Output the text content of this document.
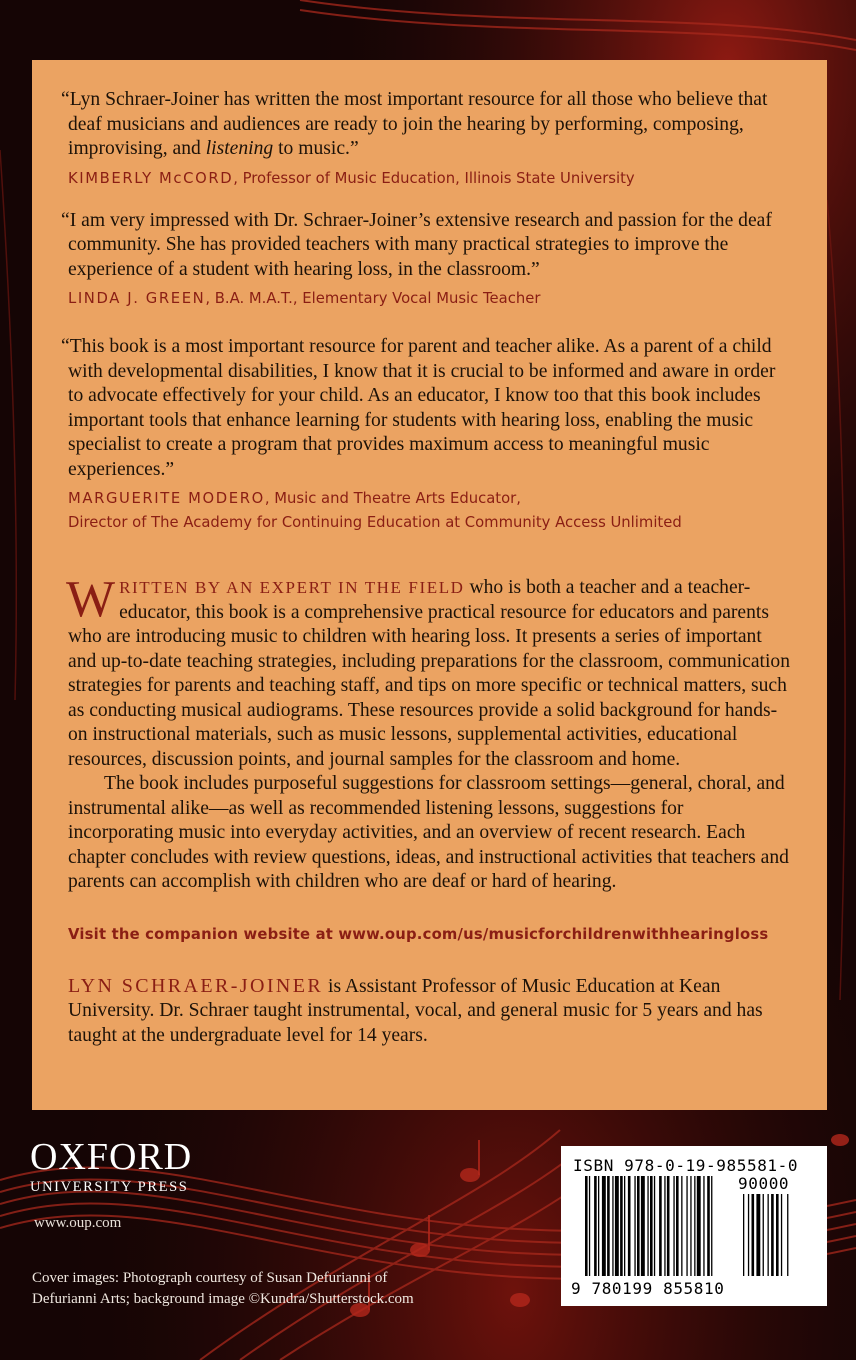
“Lyn Schraer-Joiner has written the most important resource for all those who believe that deaf musicians and audiences are ready to join the hearing by performing, composing, improvising, and listening to music.”

KIMBERLY McCORD, Professor of Music Education, Illinois State University

“I am very impressed with Dr. Schraer-Joiner’s extensive research and passion for the deaf community. She has provided teachers with many practical strategies to improve the experience of a student with hearing loss, in the classroom.”

LINDA J. GREEN, B.A. M.A.T., Elementary Vocal Music Teacher

“This book is a most important resource for parent and teacher alike. As a parent of a child with developmental disabilities, I know that it is crucial to be informed and aware in order to advocate effectively for your child. As an educator, I know too that this book includes important tools that enhance learning for students with hearing loss, enabling the music specialist to create a program that provides maximum access to meaningful music experiences.”

MARGUERITE MODERO, Music and Theatre Arts Educator,
Director of The Academy for Continuing Education at Community Access Unlimited

WRITTEN BY AN EXPERT IN THE FIELD who is both a teacher and a teacher-educator, this book is a comprehensive practical resource for educators and parents who are introducing music to children with hearing loss. It presents a series of important and up-to-date teaching strategies, including preparations for the classroom, communication strategies for parents and teaching staff, and tips on more specific or technical matters, such as conducting musical audiograms. These resources provide a solid background for hands-on instructional materials, such as music lessons, supplemental activities, educational resources, discussion points, and journal samples for the classroom and home.

The book includes purposeful suggestions for classroom settings—general, choral, and instrumental alike—as well as recommended listening lessons, suggestions for incorporating music into everyday activities, and an overview of recent research. Each chapter concludes with review questions, ideas, and instructional activities that teachers and parents can accomplish with children who are deaf or hard of hearing.

Visit the companion website at www.oup.com/us/musicforchildrenwithhearingloss
LYN SCHRAER-JOINER is Assistant Professor of Music Education at Kean University. Dr. Schraer taught instrumental, vocal, and general music for 5 years and has taught at the undergraduate level for 14 years.
OXFORD
UNIVERSITY PRESS
www.oup.com
Cover images: Photograph courtesy of Susan Defurianni of
Defurianni Arts; background image ©Kundra/Shutterstock.com
ISBN 978-0-19-985581-0
90000
9 780199 855810
